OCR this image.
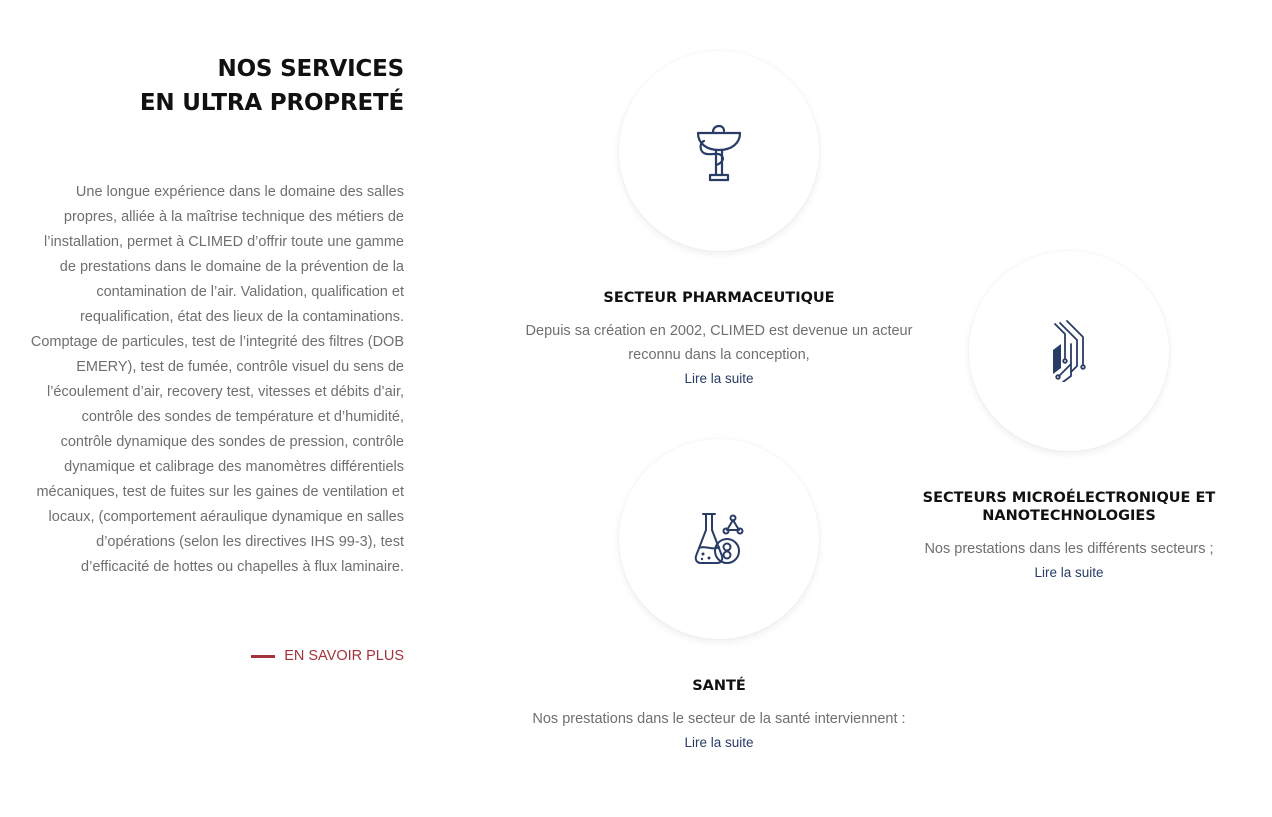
NOS SERVICES
EN ULTRA PROPRETÉ

Une longue expérience dans le domaine des salles propres, alliée à la maîtrise technique des métiers de l’installation, permet à CLIMED d’offrir toute une gamme de prestations dans le domaine de la prévention de la contamination de l’air. Validation, qualification et requalification, état des lieux de la contaminations. Comptage de particules, test de l’integrité des filtres (DOB EMERY), test de fumée, contrôle visuel du sens de l’écoulement d’air, recovery test, vitesses et débits d’air, contrôle des sondes de température et d’humidité, contrôle dynamique des sondes de pression, contrôle dynamique et calibrage des manomètres différentiels mécaniques, test de fuites sur les gaines de ventilation et locaux, (comportement aéraulique dynamique en salles d’opérations (selon les directives IHS 99-3), test d’efficacité de hottes ou chapelles à flux laminaire.

EN SAVOIR PLUS
SECTEUR PHARMACEUTIQUE

Depuis sa création en 2002, CLIMED est devenue un acteur reconnu dans la conception,

Lire la suite
SECTEURS MICROÉLECTRONIQUE ET NANOTECHNOLOGIES

Nos prestations dans les différents secteurs ;

Lire la suite
SANTÉ

Nos prestations dans le secteur de la santé interviennent :

Lire la suite
